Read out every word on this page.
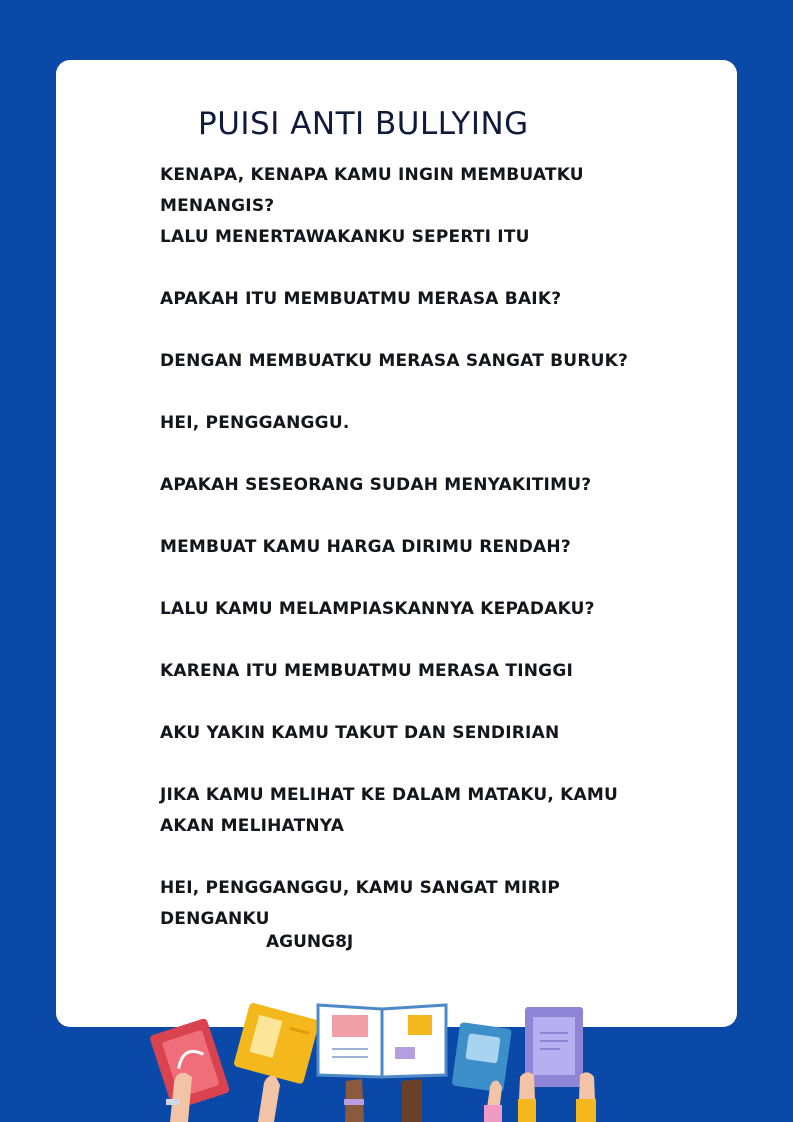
PUISI ANTI BULLYING
KENAPA, KENAPA KAMU INGIN MEMBUATKU MENANGIS?
LALU MENERTAWAKANKU SEPERTI ITU
APAKAH ITU MEMBUATMU MERASA BAIK?
DENGAN MEMBUATKU MERASA SANGAT BURUK?
HEI, PENGGANGGU.
APAKAH SESEORANG SUDAH MENYAKITIMU?
MEMBUAT KAMU HARGA DIRIMU RENDAH?
LALU KAMU MELAMPIASKANNYA KEPADAKU?
KARENA ITU MEMBUATMU MERASA TINGGI
AKU YAKIN KAMU TAKUT DAN SENDIRIAN
JIKA KAMU MELIHAT KE DALAM MATAKU, KAMU AKAN MELIHATNYA
HEI, PENGGANGGU, KAMU SANGAT MIRIP DENGANKU
AGUNG8J
